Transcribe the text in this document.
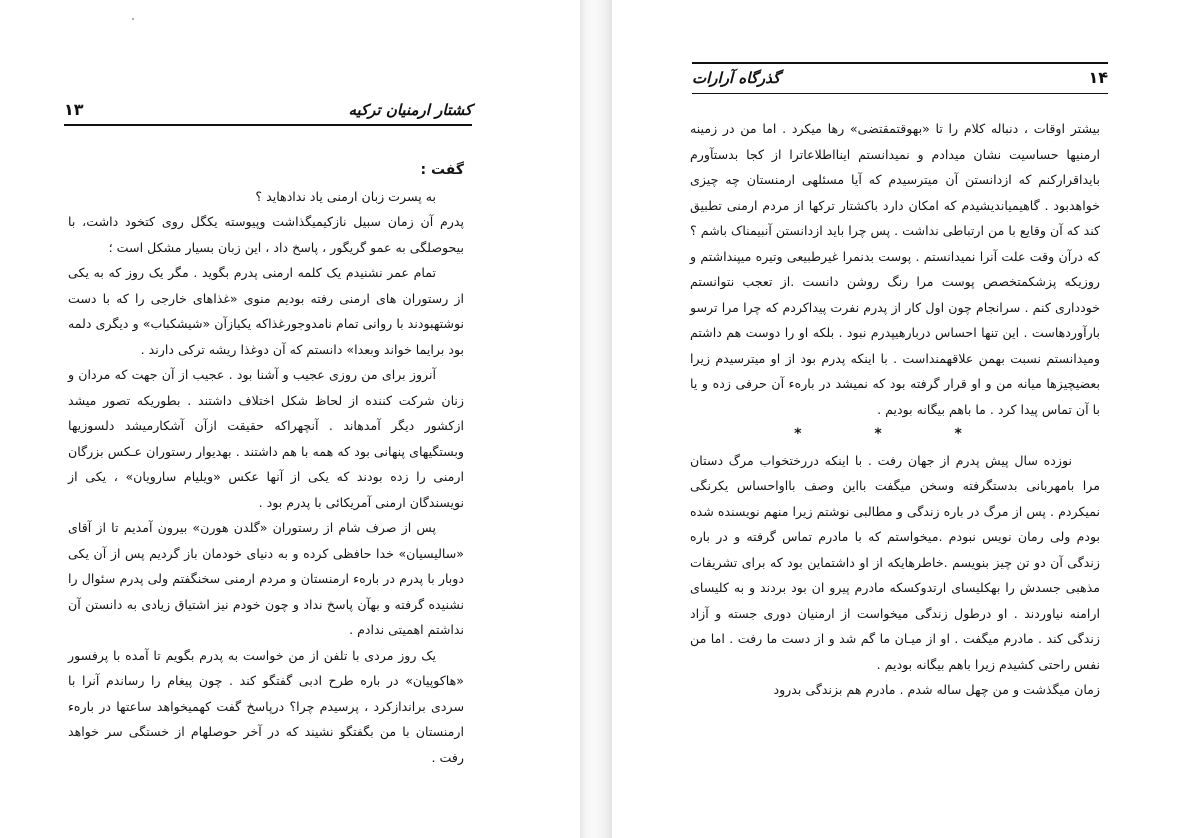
کشتار ارمنیان ترکیه
۱۳

گفت :

به پسرت زبان ارمنی یاد ندادهاید ؟

پدرم آن زمان سبیل نازکیمیگذاشت وپیوسته یکگل روی کتخود داشت، با بیحوصلگی به عمو گریگور ، پاسخ داد ، این زبان بسیار مشکل است ؛

تمام عمر نشنیدم یک کلمه ارمنی پدرم بگوید . مگر یک روز که به یکی از رستوران های ارمنی رفته بودیم منوی «غذاهای خارجی را که با دست نوشتهبودند با روانی تمام نامدوجورغذاکه یکیازآن «شیشکباب» و دیگری دلمه بود برایما خواند وبعدا» دانستم که آن دوغذا ریشه ترکی دارند .

آنروز برای من روزی عجیب و آشنا بود . عجیب از آن جهت که مردان و زنان شرکت کننده از لحاظ شکل اختلاف داشتند . بطوریکه تصور میشد ازکشور دیگر آمدهاند . آنچهراکه حقیقت ازآن آشکارمیشد دلسوزیها وبستگیهای پنهانی بود که همه با هم داشتند . بهدیوار رستوران عـکس بزرگان ارمنی را زده بودند که یکی از آنها عکس «ویلیام سارویان» ، یکی از نویسندگان ارمنی آمریکائی با پدرم بود .

پس از صرف شام از رستوران «گلدن هورن» بیرون آمدیم تا از آقای «سالیسیان» خدا حافظی کرده و به دنیای خودمان باز گردیم پس از آن یکی دوبار با پدرم در بارهء ارمنستان و مردم ارمنی سخنگفتم ولی پدرم سئوال را نشنیده گرفته و بهآن پاسخ نداد و چون خودم نیز اشتیاق زیادی به دانستن آن نداشتم اهمیتی ندادم .

یک روز مردی با تلفن از من خواست به پدرم بگویم تا آمده با پرفسور «هاکوپیان» در باره طرح ادبی گفتگو کند . چون پیغام را رساندم آنرا با سردی براندازکرد ، پرسیدم چرا؟ درپاسخ گفت کهمیخواهد ساعتها در بارهء ارمنستان با من بگفتگو نشیند که در آخر حوصلهام از خستگی سر خواهد رفت .

۱۴
گذرگاه آرارات

بیشتر اوقات ، دنباله کلام را تا «بهوقتمقتضی» رها میکرد . اما من در زمینه ارمنیها حساسیت نشان میدادم و نمیدانستم اینااطلاعاترا از کجا بدستآورم بایداقرارکنم که ازدانستن آن میترسیدم که آیا مسئلهی ارمنستان چه چیزی خواهدبود . گاهیمیاندیشیدم که امکان دارد باکشتار ترکها از مردم ارمنی تطبیق کند که آن وقایع با من ارتباطی نداشت . پس چرا باید ازدانستن آنبیمناک باشم ؟ که درآن وقت علت آنرا نمیدانستم . پوست بدنمرا غیرطبیعی وتیره میپنداشتم و روزیکه پزشکمتخصص پوست مرا رنگ روشن دانست .از تعجب نتوانستم خودداری کنم . سرانجام چون اول کار از پدرم نفرت پیداکردم که چرا مرا ترسو بارآوردهاست . این تنها احساس دربارهیپدرم نبود . بلکه او را دوست هم داشتم ومیدانستم نسبت بهمن علاقهمنداست . با اینکه پدرم بود از او میترسیدم زیرا بعضیچیزها میانه من و او قرار گرفته بود که نمیشد در بارهء آن حرفی زده و یا با آن تماس پیدا کرد . ما باهم بیگانه بودیم .

* * *

نوزده سال پیش پدرم از جهان رفت . با اینکه دررختخواب مرگ دستان مرا بامهربانی بدستگرفته وسخن میگفت بااین وصف بااواحساس یکرنگی نمیکردم . پس از مرگ در باره زندگی و مطالبی نوشتم زیرا منهم نویسنده شده بودم ولی رمان نویس نبودم .میخواستم که با مادرم تماس گرفته و در باره زندگی آن دو تن چیز بنویسم .خاطرهایکه از او داشتماین بود که برای تشریفات مذهبی جسدش را بهکلیسای ارتدوکسکه مادرم پیرو ان بود بردند و به کلیسای ارامنه نیاوردند . او درطول زندگی میخواست از ارمنیان دوری جسته و آزاد زندگی کند . مادرم میگفت . او از میـان ما گم شد و از دست ما رفت . اما من نفس راحتی کشیدم زیرا باهم بیگانه بودیم .

زمان میگذشت و من چهل ساله شدم . مادرم هم بزندگی بدرود
